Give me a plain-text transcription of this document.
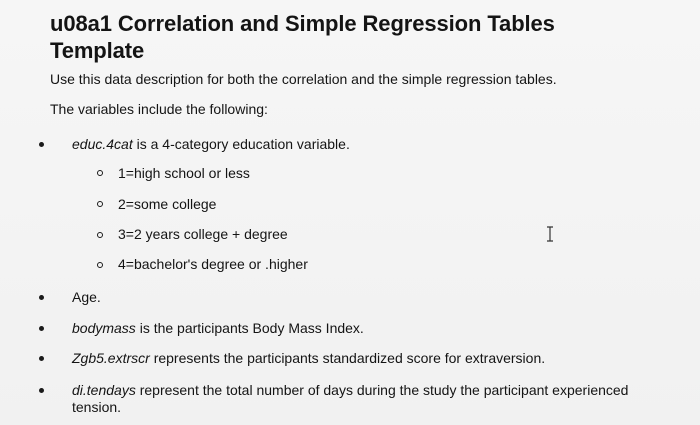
u08a1 Correlation and Simple Regression Tables Template

Use this data description for both the correlation and the simple regression tables.

The variables include the following:

educ.4cat is a 4-category education variable.
1=high school or less
2=some college
3=2 years college + degree
4=bachelor's degree or .higher
Age.
bodymass is the participants Body Mass Index.
Zgb5.extrscr represents the participants standardized score for extraversion.
di.tendays represent the total number of days during the study the participant experienced tension.
